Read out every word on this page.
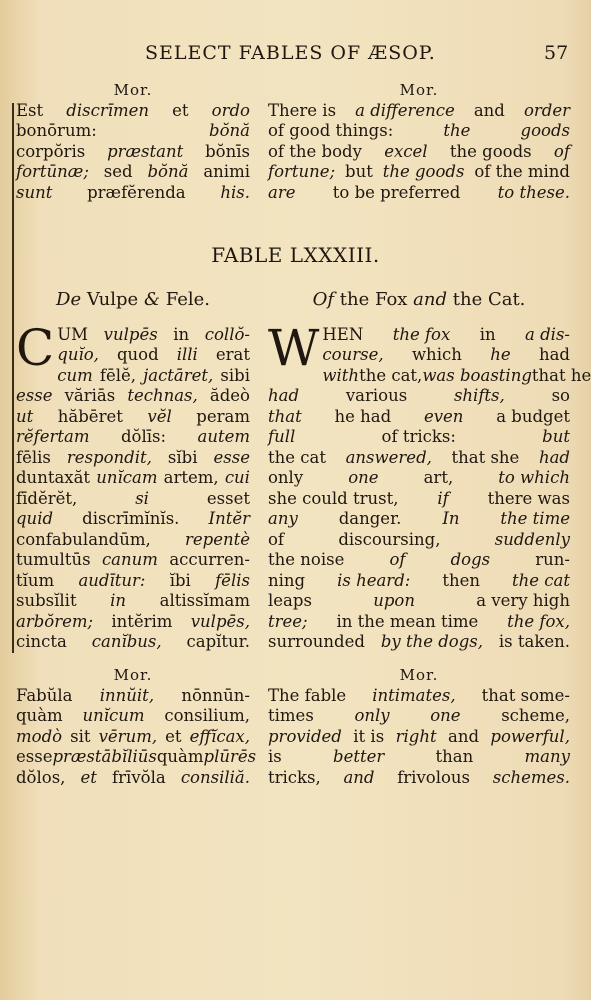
SELECT FABLES OF ÆSOP.	57
Mor.
Est discrīmen et ordo
bonōrum:	bŏnă
corpŏris præstant bŏnīs
fortūnæ; sed bŏnă animi
sunt præfĕrenda his.
Mor.
There is a difference and order
of good things:	the	goods
of the body excel the goods of
fortune; but the goods of the mind
are to be preferred to these.
FABLE LXXXIII.
De Vulpe & Fele.
C UM vulpēs in collŏ-
quĭo, quod illi erat
cum fēlĕ, jactāret, sibi
esse văriās technas, ădeò
ut hăbēret vĕl peram
rĕfertam dŏlīs: autem
fēlis respondit, sĭbi esse
duntaxăt unĭcam artem, cui
fīdĕrĕt,	si	esset
quid discrīmĭnĭs. Intĕr
confabulandūm, repentè
tumultūs canum accurren-
tĭum audītur: ĭbi fēlis
subsĭlit in altissĭmam
arbŏrem; intĕrim vulpēs,
cincta canĭbus, capĭtur.
Of the Fox and the Cat.
W HEN the fox in a dis-
course, which he had
with the cat, was boasting that he
had	various	shifts,	so
that he had even a budget
full	of tricks:	but
the cat answered, that she had
only	one	art,	to which
she could trust, if there was
any danger. In the time
of	discoursing,	suddenly
the noise	of	dogs	run-
ning is heard: then the cat
leaps	upon	a very high
tree; in the mean time the fox,
surrounded by the dogs, is taken.
Mor.
Fabŭla innŭit, nōnnūn-
quàm unĭcum consilium,
modò sit vērum, et effĭcax,
esse præstābĭliūs quàm plūrēs
dŏlos, et frīvŏla consiliă.
Mor.
The fable intimates, that some-
times only one scheme,
provided it is right and powerful,
is	better	than	many
tricks, and frivolous schemes.
